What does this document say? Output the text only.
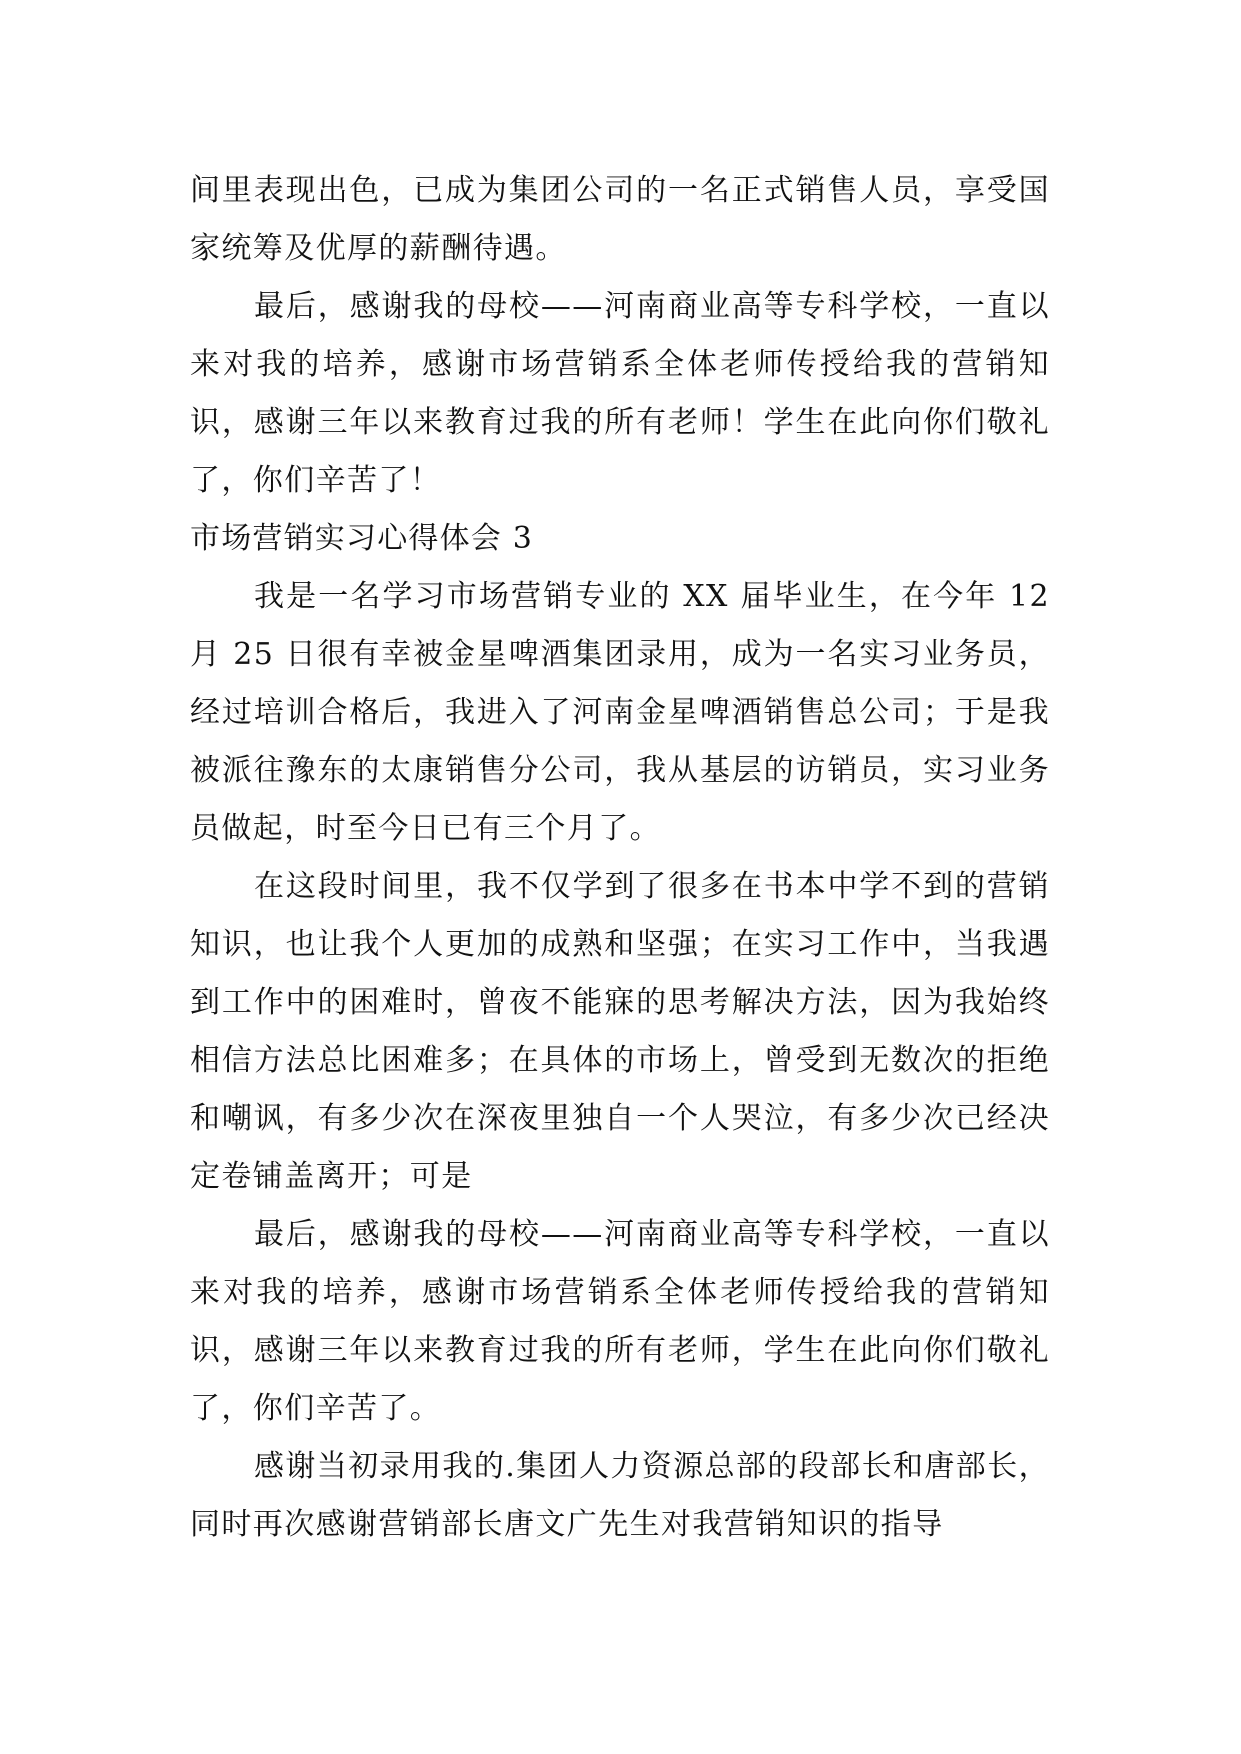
间里表现出色，已成为集团公司的一名正式销售人员，享受国家统筹及优厚的薪酬待遇。

最后，感谢我的母校——河南商业高等专科学校，一直以来对我的培养，感谢市场营销系全体老师传授给我的营销知识，感谢三年以来教育过我的所有老师！学生在此向你们敬礼了，你们辛苦了！

市场营销实习心得体会 3

我是一名学习市场营销专业的 XX 届毕业生，在今年 12 月 25 日很有幸被金星啤酒集团录用，成为一名实习业务员，经过培训合格后，我进入了河南金星啤酒销售总公司；于是我被派往豫东的太康销售分公司，我从基层的访销员，实习业务员做起，时至今日已有三个月了。

在这段时间里，我不仅学到了很多在书本中学不到的营销知识，也让我个人更加的成熟和坚强；在实习工作中，当我遇到工作中的困难时，曾夜不能寐的思考解决方法，因为我始终相信方法总比困难多；在具体的市场上，曾受到无数次的拒绝和嘲讽，有多少次在深夜里独自一个人哭泣，有多少次已经决定卷铺盖离开；可是

最后，感谢我的母校——河南商业高等专科学校，一直以来对我的培养，感谢市场营销系全体老师传授给我的营销知识，感谢三年以来教育过我的所有老师，学生在此向你们敬礼了，你们辛苦了。

感谢当初录用我的.集团人力资源总部的段部长和唐部长，同时再次感谢营销部长唐文广先生对我营销知识的指导
